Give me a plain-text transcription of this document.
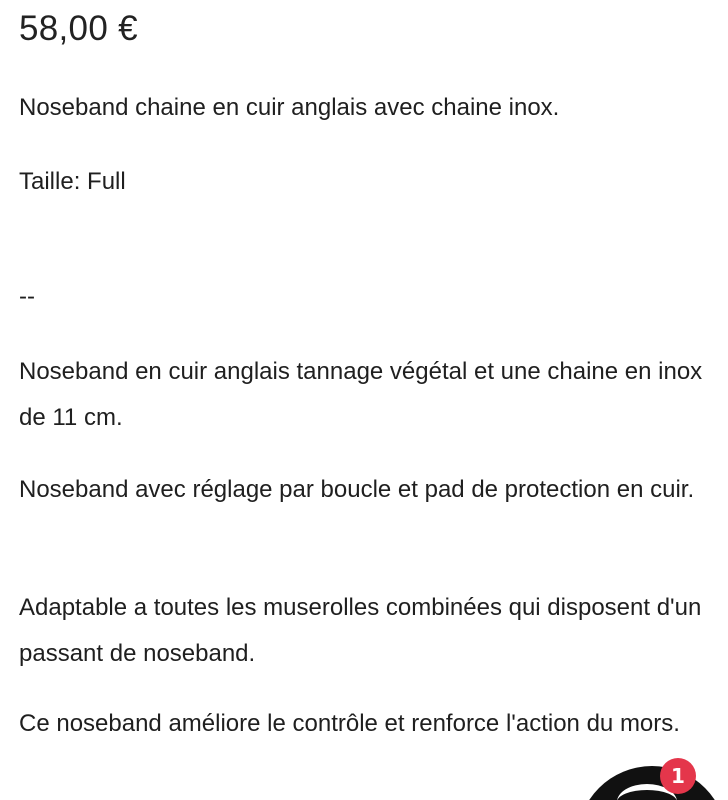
58,00 €

Noseband chaine en cuir anglais avec chaine inox.

Taille: Full

--

Noseband en cuir anglais tannage végétal et une chaine en inox de 11 cm.

Noseband avec réglage par boucle et pad de protection en cuir.

Adaptable a toutes les muserolles combinées qui disposent d'un passant de noseband.

Ce noseband améliore le contrôle et renforce l'action du mors.

1
